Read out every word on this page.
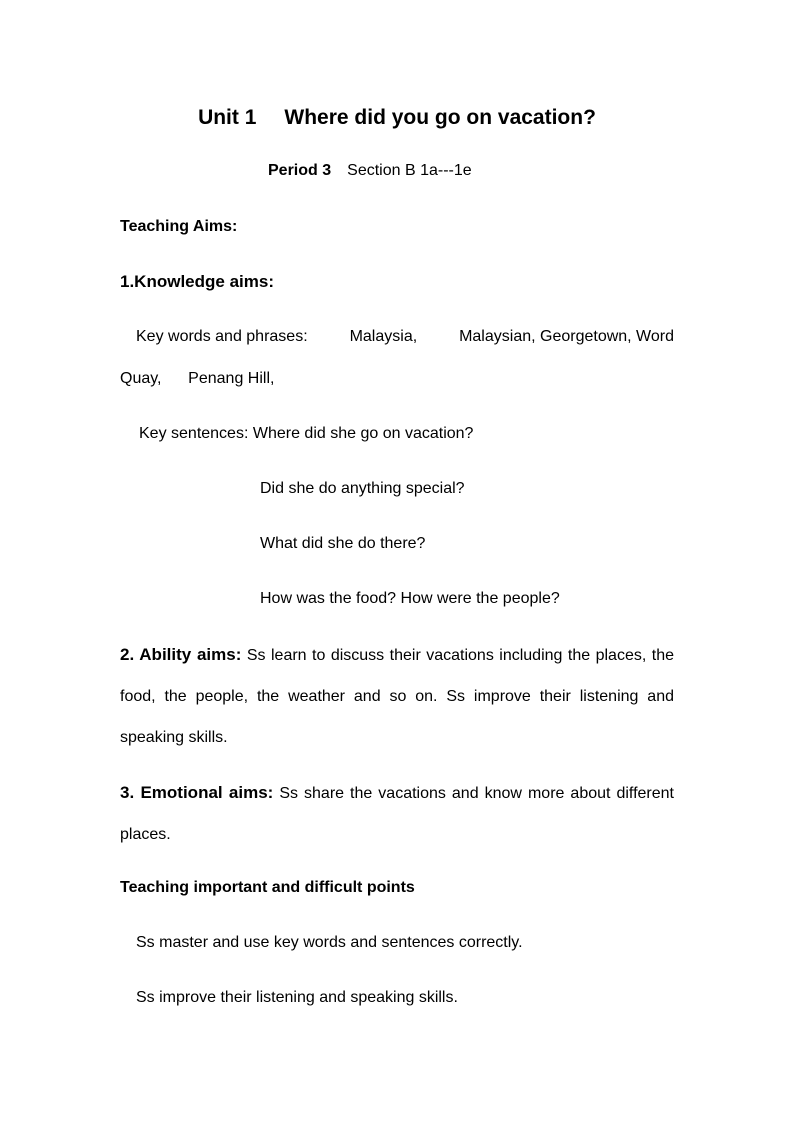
Unit 1 Where did you go on vacation?
Period 3 Section B 1a---1e
Teaching Aims:
1.Knowledge aims:
Key words and phrases:	Malaysia,	Malaysian, Georgetown, Word
Quay,      Penang Hill,
Key sentences: Where did she go on vacation?
Did she do anything special?
What did she do there?
How was the food? How were the people?
2. Ability aims: Ss learn to discuss their vacations including the places, the food, the people, the weather and so on. Ss improve their listening and speaking skills.
3. Emotional aims: Ss share the vacations and know more about different places.
Teaching important and difficult points
Ss master and use key words and sentences correctly.
Ss improve their listening and speaking skills.
